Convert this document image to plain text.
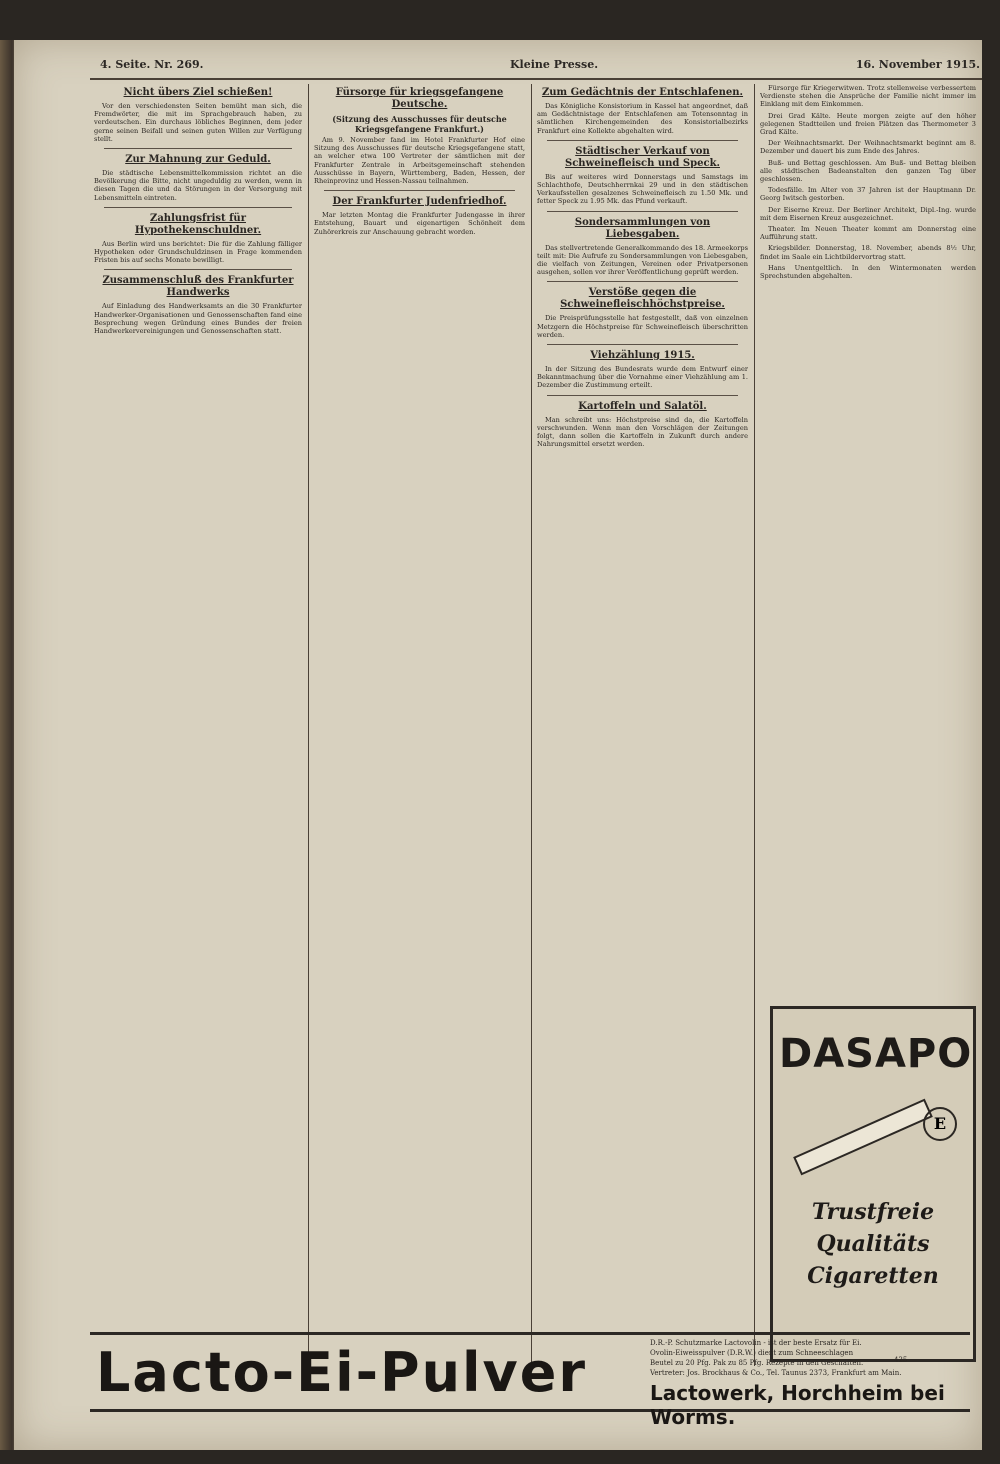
4. Seite. Nr. 269.	Kleine Presse.	16. November 1915.
Nicht übers Ziel schießen!

Vor den verschiedensten Seiten bemüht man sich, die Fremdwörter, die mit im Sprachgebrauch haben, zu verdeutschen. Ein durchaus löbliches Beginnen, dem jeder gerne seinen Beifall und seinen guten Willen zur Verfügung stellt.

Zur Mahnung zur Geduld.

Die städtische Lebensmittelkommission richtet an die Bevölkerung die Bitte, nicht ungeduldig zu werden, wenn in diesen Tagen die und da Störungen in der Versorgung mit Lebensmitteln eintreten.

Zahlungsfrist für Hypothekenschuldner.

Aus Berlin wird uns berichtet: Die für die Zahlung fälliger Hypotheken oder Grundschuldzinsen in Frage kommenden Fristen bis auf sechs Monate bewilligt.

Zusammenschluß des Frankfurter Handwerks

Auf Einladung des Handwerksamts an die 30 Frankfurter Handwerker-Organisationen und Genossenschaften fand eine Besprechung wegen Gründung eines Bundes der freien Handwerkervereinigungen und Genossenschaften statt.

Fürsorge für kriegsgefangene Deutsche.
(Sitzung des Ausschusses für deutsche Kriegsgefangene Frankfurt.)

Am 9. November fand im Hotel Frankfurter Hof eine Sitzung des Ausschusses für deutsche Kriegsgefangene statt, an welcher etwa 100 Vertreter der sämtlichen mit der Frankfurter Zentrale in Arbeitsgemeinschaft stehenden Ausschüsse in Bayern, Württemberg, Baden, Hessen, der Rheinprovinz und Hessen-Nassau teilnahmen.

Der Frankfurter Judenfriedhof.

Mar letzten Montag die Frankfurter Judengasse in ihrer Entstehung, Bauart und eigenartigen Schönheit dem Zuhörerkreis zur Anschauung gebracht worden.

Zum Gedächtnis der Entschlafenen.

Das Königliche Konsistorium in Kassel hat angeordnet, daß am Gedächtnistage der Entschlafenen am Totensonntag in sämtlichen Kirchengemeinden des Konsistorialbezirks Frankfurt eine Kollekte abgehalten wird.

Städtischer Verkauf von Schweinefleisch und Speck.

Bis auf weiteres wird Donnerstags und Samstags im Schlachthofe, Deutschherrnkai 29 und in den städtischen Verkaufsstellen gesalzenes Schweinefleisch zu 1.50 Mk. und fetter Speck zu 1.95 Mk. das Pfund verkauft.

Sondersammlungen von Liebesgaben.

Das stellvertretende Generalkommando des 18. Armeekorps teilt mit: Die Aufrufe zu Sondersammlungen von Liebesgaben, die vielfach von Zeitungen, Vereinen oder Privatpersonen ausgehen, sollen vor ihrer Veröffentlichung geprüft werden.

Verstöße gegen die Schweinefleischhöchstpreise.

Die Preisprüfungsstelle hat festgestellt, daß von einzelnen Metzgern die Höchstpreise für Schweinefleisch überschritten werden.

Viehzählung 1915.

In der Sitzung des Bundesrats wurde dem Entwurf einer Bekanntmachung über die Vornahme einer Viehzählung am 1. Dezember die Zustimmung erteilt.

Kartoffeln und Salatöl.

Man schreibt uns: Höchstpreise sind da, die Kartoffeln verschwunden. Wenn man den Vorschlägen der Zeitungen folgt, dann sollen die Kartoffeln in Zukunft durch andere Nahrungsmittel ersetzt werden.

Fürsorge für Kriegerwitwen. Trotz stellenweise verbessertem Verdienste stehen die Ansprüche der Familie nicht immer im Einklang mit dem Einkommen.

Drei Grad Kälte. Heute morgen zeigte auf den höher gelegenen Stadtteilen und freien Plätzen das Thermometer 3 Grad Kälte.

Der Weihnachtsmarkt. Der Weihnachtsmarkt beginnt am 8. Dezember und dauert bis zum Ende des Jahres.

Buß- und Bettag geschlossen. Am Buß- und Bettag bleiben alle städtischen Badeanstalten den ganzen Tag über geschlossen.

Todesfälle. Im Alter von 37 Jahren ist der Hauptmann Dr. Georg Iwitsch gestorben.

Der Eiserne Kreuz. Der Berliner Architekt, Dipl.-Ing. wurde mit dem Eisernen Kreuz ausgezeichnet.

Theater. Im Neuen Theater kommt am Donnerstag eine Aufführung statt.

Kriegsbilder. Donnerstag, 18. November, abends 8½ Uhr, findet im Saale ein Lichtbildervortrag statt.

Hans Unentgeltlich. In den Wintermonaten werden Sprechstunden abgehalten.

DASAPO
E
Trustfreie
Qualitäts
Cigaretten
425
Lacto-Ei-Pulver	D.R.-P. Schutzmarke Lactovolin - ist der beste Ersatz für Ei.
Ovolin-Eiweisspulver (D.R.W.) dient zum Schneeschlagen
Beutel zu 20 Pfg. Pak zu 85 Pfg. Rezepte in den Geschäften.
Vertreter: Jos. Brockhaus & Co., Tel. Taunus 2373, Frankfurt am Main.
Lactowerk, Horchheim bei Worms.
